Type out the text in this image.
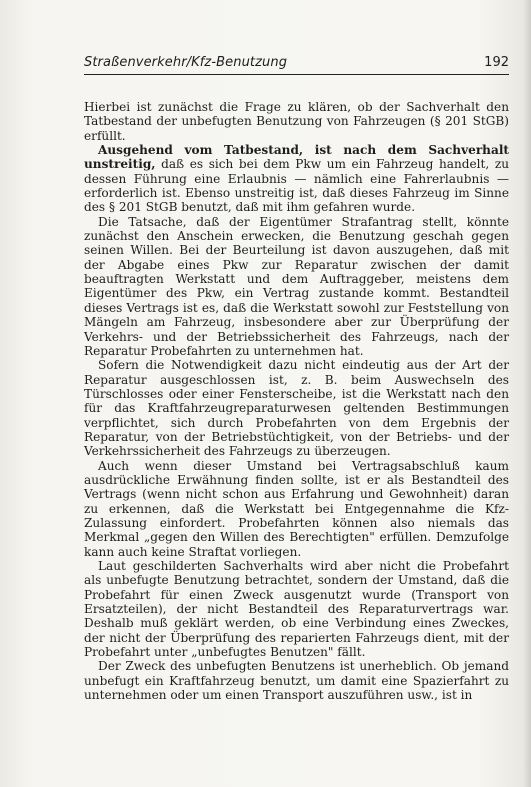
Straßenverkehr/Kfz-Benutzung	192

Hierbei ist zunächst die Frage zu klären, ob der Sachverhalt den Tatbestand der unbefugten Benutzung von Fahrzeugen (§ 201 StGB) erfüllt.

Ausgehend vom Tatbestand, ist nach dem Sachverhalt unstreitig, daß es sich bei dem Pkw um ein Fahrzeug handelt, zu dessen Führung eine Erlaubnis — nämlich eine Fahrerlaubnis — erforderlich ist. Ebenso unstreitig ist, daß dieses Fahrzeug im Sinne des § 201 StGB benutzt, daß mit ihm gefahren wurde.

Die Tatsache, daß der Eigentümer Strafantrag stellt, könnte zunächst den Anschein erwecken, die Benutzung geschah gegen seinen Willen. Bei der Beurteilung ist davon auszugehen, daß mit der Abgabe eines Pkw zur Reparatur zwischen der damit beauftragten Werkstatt und dem Auftraggeber, meistens dem Eigentümer des Pkw, ein Vertrag zustande kommt. Bestandteil dieses Vertrags ist es, daß die Werkstatt sowohl zur Feststellung von Mängeln am Fahrzeug, insbesondere aber zur Überprüfung der Verkehrs- und der Betriebssicherheit des Fahrzeugs, nach der Reparatur Probefahrten zu unternehmen hat.

Sofern die Notwendigkeit dazu nicht eindeutig aus der Art der Reparatur ausgeschlossen ist, z. B. beim Auswechseln des Türschlosses oder einer Fensterscheibe, ist die Werkstatt nach den für das Kraftfahrzeugreparaturwesen geltenden Bestimmungen verpflichtet, sich durch Probefahrten von dem Ergebnis der Reparatur, von der Betriebstüchtigkeit, von der Betriebs- und der Verkehrssicherheit des Fahrzeugs zu überzeugen.

Auch wenn dieser Umstand bei Vertragsabschluß kaum ausdrückliche Erwähnung finden sollte, ist er als Bestandteil des Vertrags (wenn nicht schon aus Erfahrung und Gewohnheit) daran zu erkennen, daß die Werkstatt bei Entgegennahme die Kfz-Zulassung einfordert. Probefahrten können also niemals das Merkmal „gegen den Willen des Berechtigten" erfüllen. Demzufolge kann auch keine Straftat vorliegen.

Laut geschilderten Sachverhalts wird aber nicht die Probefahrt als unbefugte Benutzung betrachtet, sondern der Umstand, daß die Probefahrt für einen Zweck ausgenutzt wurde (Transport von Ersatzteilen), der nicht Bestandteil des Reparaturvertrags war. Deshalb muß geklärt werden, ob eine Verbindung eines Zweckes, der nicht der Überprüfung des reparierten Fahrzeugs dient, mit der Probefahrt unter „unbefugtes Benutzen" fällt.

Der Zweck des unbefugten Benutzens ist unerheblich. Ob jemand unbefugt ein Kraftfahrzeug benutzt, um damit eine Spazierfahrt zu unternehmen oder um einen Transport auszuführen usw., ist in
